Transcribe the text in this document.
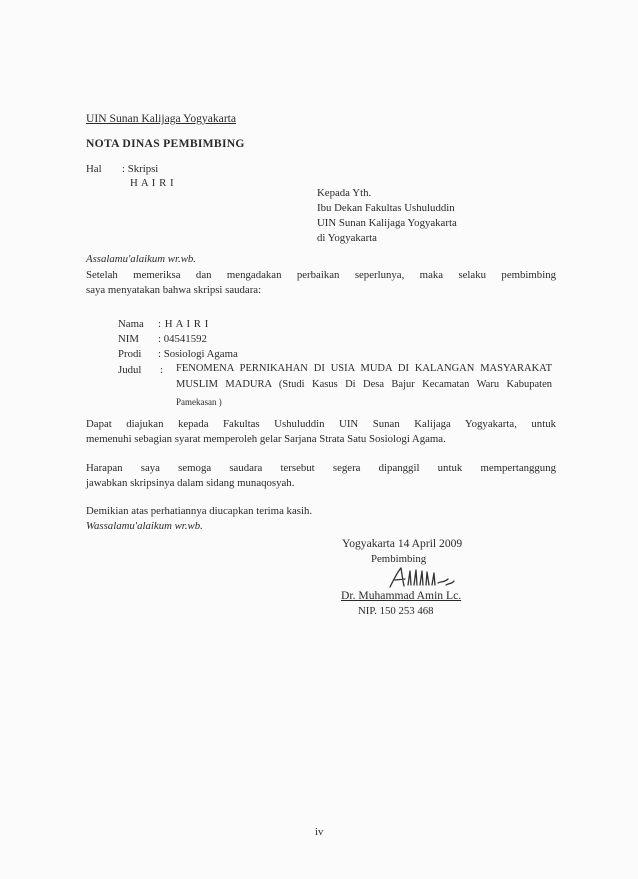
UIN Sunan Kalijaga Yogyakarta
NOTA DINAS PEMBIMBING
Hal : Skripsi
H A I R I
Kepada Yth.
Ibu Dekan Fakultas Ushuluddin
UIN Sunan Kalijaga Yogyakarta
di Yogyakarta
Assalamu'alaikum wr.wb.
Setelah memeriksa dan mengadakan perbaikan seperlunya, maka selaku pembimbing
saya menyatakan bahwa skripsi saudara:
Nama : H A I R I
NIM : 04541592
Prodi : Sosiologi Agama
Judul : FENOMENA PERNIKAHAN DI USIA MUDA DI KALANGAN MASYARAKAT
MUSLIM MADURA (Studi Kasus Di Desa Bajur Kecamatan Waru Kabupaten
Pamekasan )
Dapat diajukan kepada Fakultas Ushuluddin UIN Sunan Kalijaga Yogyakarta, untuk
memenuhi sebagian syarat memperoleh gelar Sarjana Strata Satu Sosiologi Agama.
Harapan saya semoga saudara tersebut segera dipanggil untuk mempertanggung
jawabkan skripsinya dalam sidang munaqosyah.
Demikian atas perhatiannya diucapkan terima kasih.
Wassalamu'alaikum wr.wb.
Yogyakarta 14 April 2009
Pembimbing
Dr. Muhammad Amin Lc.
NIP. 150 253 468
iv
